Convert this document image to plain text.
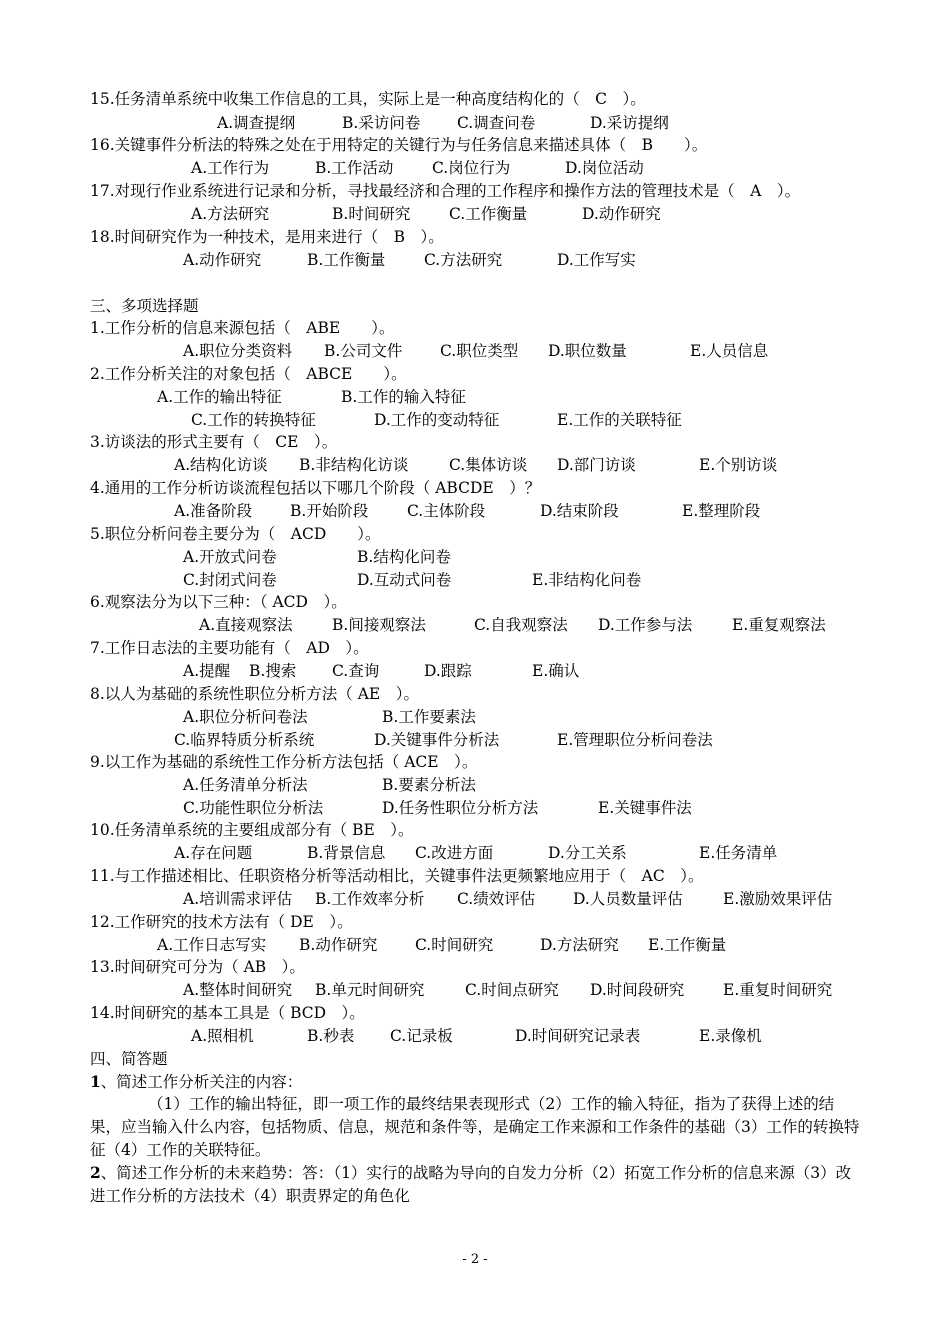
15.任务清单系统中收集工作信息的工具，实际上是一种高度结构化的（　C　）。
A.调查提纲	B.采访问卷 C.调查问卷	D.采访提纲
16.关键事件分析法的特殊之处在于用特定的关键行为与任务信息来描述具体（　B　　）。
A.工作行为	B.工作活动 C.岗位行为	D.岗位活动
17.对现行作业系统进行记录和分析，寻找最经济和合理的工作程序和操作方法的管理技术是（　A　）。
A.方法研究	B.时间研究 C.工作衡量	D.动作研究
18.时间研究作为一种技术，是用来进行（　B　）。
A.动作研究	B.工作衡量 C.方法研究	D.工作写实
三、多项选择题
1.工作分析的信息来源包括（　ABE　　）。
A.职位分类资料 B.公司文件 C.职位类型 D.职位数量	E.人员信息
2.工作分析关注的对象包括（　ABCE　　）。
A.工作的输出特征	B.工作的输入特征
C.工作的转换特征	D.工作的变动特征	E.工作的关联特征
3.访谈法的形式主要有（　CE　）。
A.结构化访谈 B.非结构化访谈	C.集体访谈 D.部门访谈	E.个别访谈
4.通用的工作分析访谈流程包括以下哪几个阶段（ ABCDE　）？
A.准备阶段 B.开始阶段 C.主体阶段	D.结束阶段	E.整理阶段
5.职位分析问卷主要分为（　ACD　　）。
A.开放式问卷	B.结构化问卷
C.封闭式问卷	D.互动式问卷	E.非结构化问卷
6.观察法分为以下三种：（ ACD　）。
A.直接观察法	B.间接观察法	C.自我观察法 D.工作参与法	E.重复观察法
7.工作日志法的主要功能有（　AD　）。
A.提醒 B.搜索 C.查询	D.跟踪	E.确认
8.以人为基础的系统性职位分析方法（ AE　）。
A.职位分析问卷法	B.工作要素法
C.临界特质分析系统	D.关键事件分析法	E.管理职位分析问卷法
9.以工作为基础的系统性工作分析方法包括（ ACE　）。
A.任务清单分析法	B.要素分析法
C.功能性职位分析法	D.任务性职位分析方法	E.关键事件法
10.任务清单系统的主要组成部分有（ BE　）。
A.存在问题	B.背景信息 C.改进方面	D.分工关系	E.任务清单
11.与工作描述相比、任职资格分析等活动相比，关键事件法更频繁地应用于（　AC　）。
A.培训需求评估 B.工作效率分析 C.绩效评估 D.人员数量评估	E.激励效果评估
12.工作研究的技术方法有（ DE　）。
A.工作日志写实 B.动作研究 C.时间研究	D.方法研究 E.工作衡量
13.时间研究可分为（ AB　）。
A.整体时间研究 B.单元时间研究	C.时间点研究 D.时间段研究 E.重复时间研究
14.时间研究的基本工具是（ BCD　）。
A.照相机	B.秒表 C.记录板	D.时间研究记录表	E.录像机
四、简答题
1、简述工作分析关注的内容：
（1）工作的输出特征，即一项工作的最终结果表现形式（2）工作的输入特征，指为了获得上述的结果，应当输入什么内容，包括物质、信息，规范和条件等，是确定工作来源和工作条件的基础（3）工作的转换特征（4）工作的关联特征。
2、简述工作分析的未来趋势：答：（1）实行的战略为导向的自发力分析（2）拓宽工作分析的信息来源（3）改进工作分析的方法技术（4）职责界定的角色化
- 2 -
